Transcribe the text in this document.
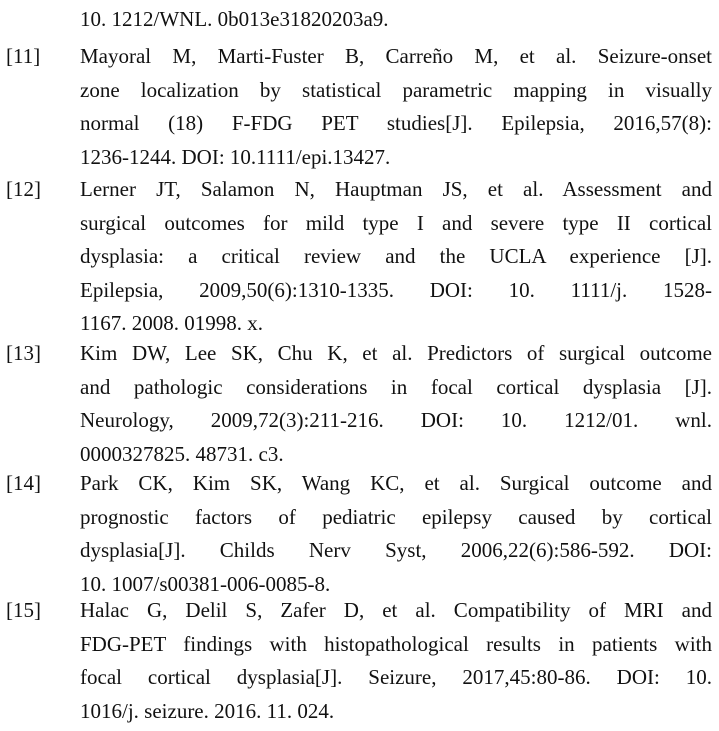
10. 1212/WNL. 0b013e31820203a9.
[11] Mayoral M, Marti-Fuster B, Carreño M, et al. Seizure-onset
zone localization by statistical parametric mapping in visually
normal (18) F-FDG PET studies[J]. Epilepsia, 2016,57(8):
1236-1244. DOI: 10.1111/epi.13427.
[12] Lerner JT, Salamon N, Hauptman JS, et al. Assessment and
surgical outcomes for mild type I and severe type II cortical
dysplasia: a critical review and the UCLA experience [J].
Epilepsia, 2009,50(6):1310-1335. DOI: 10. 1111/j. 1528-
1167. 2008. 01998. x.
[13] Kim DW, Lee SK, Chu K, et al. Predictors of surgical outcome
and pathologic considerations in focal cortical dysplasia [J].
Neurology, 2009,72(3):211-216. DOI: 10. 1212/01. wnl.
0000327825. 48731. c3.
[14] Park CK, Kim SK, Wang KC, et al. Surgical outcome and
prognostic factors of pediatric epilepsy caused by cortical
dysplasia[J]. Childs Nerv Syst, 2006,22(6):586-592. DOI:
10. 1007/s00381-006-0085-8.
[15] Halac G, Delil S, Zafer D, et al. Compatibility of MRI and
FDG-PET findings with histopathological results in patients with
focal cortical dysplasia[J]. Seizure, 2017,45:80-86. DOI: 10.
1016/j. seizure. 2016. 11. 024.
